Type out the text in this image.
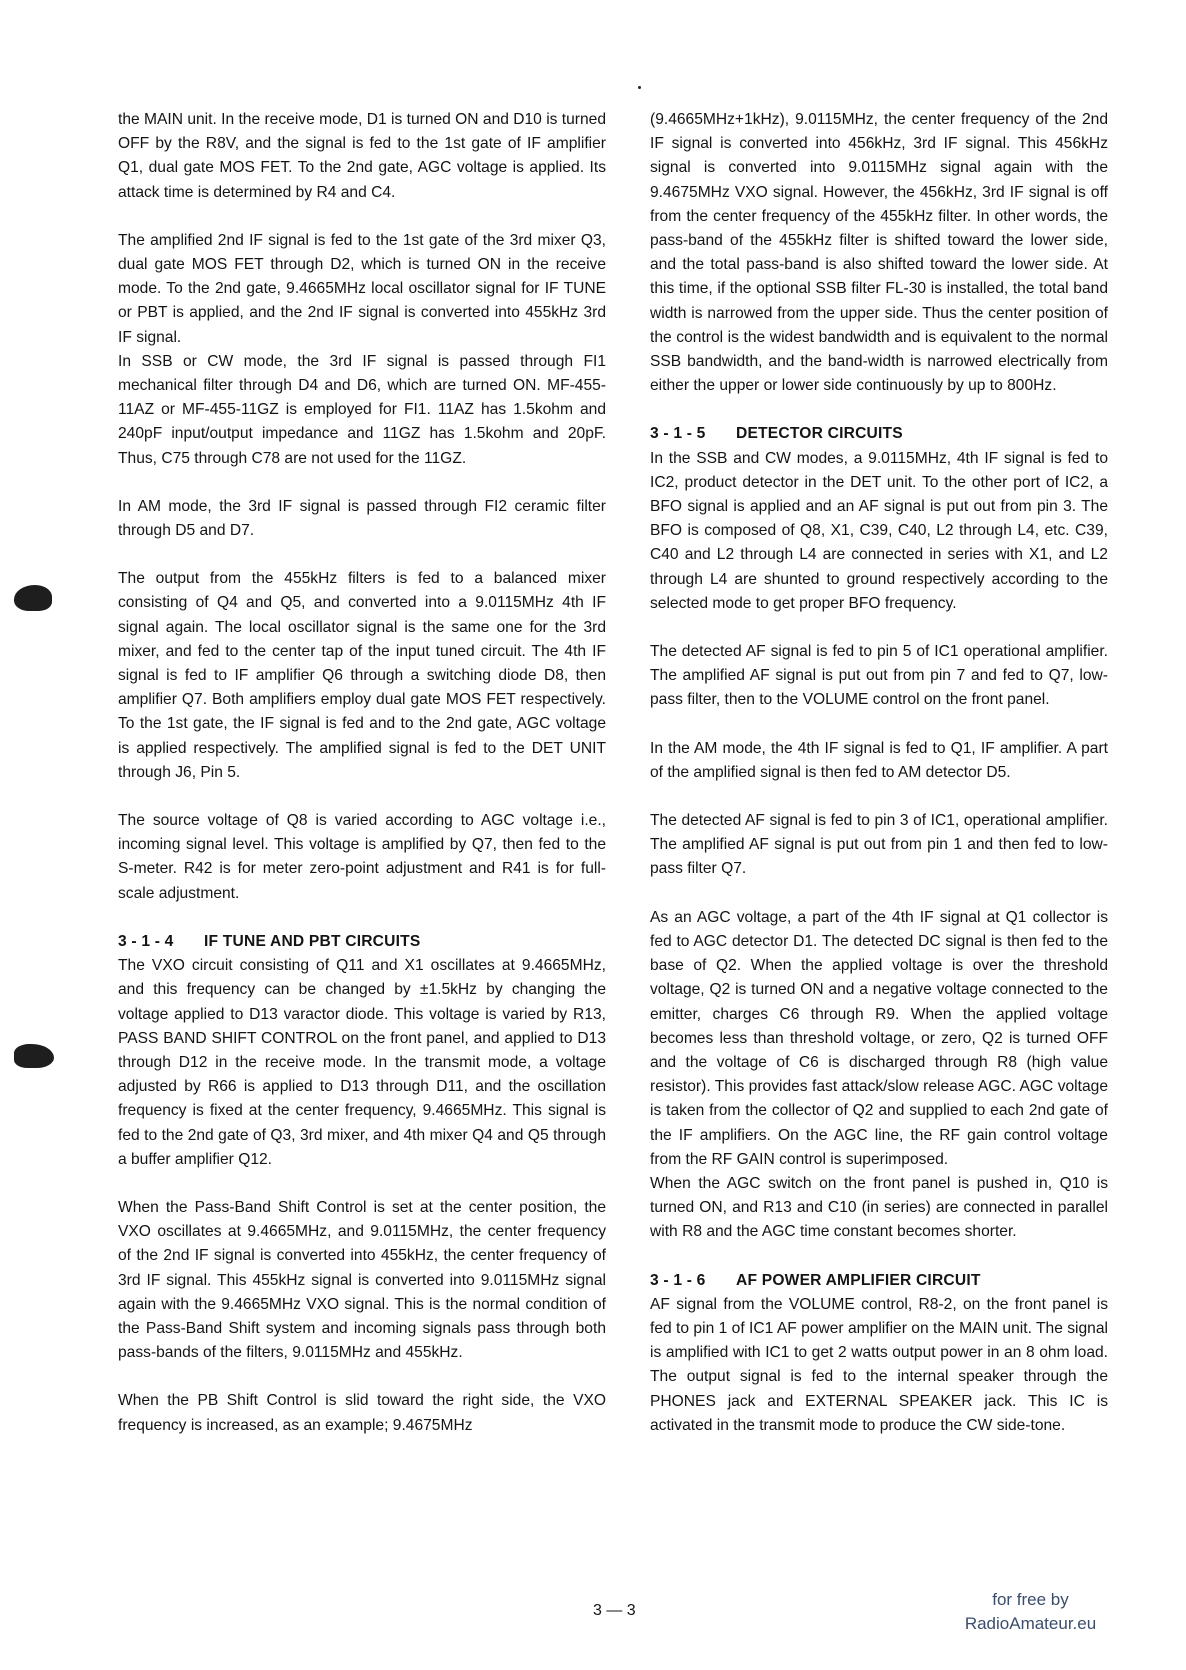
the MAIN unit. In the receive mode, D1 is turned ON and D10 is turned OFF by the R8V, and the signal is fed to the 1st gate of IF amplifier Q1, dual gate MOS FET. To the 2nd gate, AGC voltage is applied. Its attack time is determined by R4 and C4.

The amplified 2nd IF signal is fed to the 1st gate of the 3rd mixer Q3, dual gate MOS FET through D2, which is turned ON in the receive mode. To the 2nd gate, 9.4665MHz local oscillator signal for IF TUNE or PBT is applied, and the 2nd IF signal is converted into 455kHz 3rd IF signal.

In SSB or CW mode, the 3rd IF signal is passed through FI1 mechanical filter through D4 and D6, which are turned ON. MF-455-11AZ or MF-455-11GZ is employed for FI1. 11AZ has 1.5kohm and 240pF input/output impedance and 11GZ has 1.5kohm and 20pF. Thus, C75 through C78 are not used for the 11GZ.

In AM mode, the 3rd IF signal is passed through FI2 ceramic filter through D5 and D7.

The output from the 455kHz filters is fed to a balanced mixer consisting of Q4 and Q5, and converted into a 9.0115MHz 4th IF signal again. The local oscillator signal is the same one for the 3rd mixer, and fed to the center tap of the input tuned circuit. The 4th IF signal is fed to IF amplifier Q6 through a switching diode D8, then amplifier Q7. Both amplifiers employ dual gate MOS FET respectively. To the 1st gate, the IF signal is fed and to the 2nd gate, AGC voltage is applied respectively. The amplified signal is fed to the DET UNIT through J6, Pin 5.

The source voltage of Q8 is varied according to AGC voltage i.e., incoming signal level. This voltage is amplified by Q7, then fed to the S-meter. R42 is for meter zero-point adjustment and R41 is for full-scale adjustment.

3 - 1 - 4 IF TUNE AND PBT CIRCUITS

The VXO circuit consisting of Q11 and X1 oscillates at 9.4665MHz, and this frequency can be changed by ±1.5kHz by changing the voltage applied to D13 varactor diode. This voltage is varied by R13, PASS BAND SHIFT CONTROL on the front panel, and applied to D13 through D12 in the receive mode. In the transmit mode, a voltage adjusted by R66 is applied to D13 through D11, and the oscillation frequency is fixed at the center frequency, 9.4665MHz. This signal is fed to the 2nd gate of Q3, 3rd mixer, and 4th mixer Q4 and Q5 through a buffer amplifier Q12.

When the Pass-Band Shift Control is set at the center position, the VXO oscillates at 9.4665MHz, and 9.0115MHz, the center frequency of the 2nd IF signal is converted into 455kHz, the center frequency of 3rd IF signal. This 455kHz signal is converted into 9.0115MHz signal again with the 9.4665MHz VXO signal. This is the normal condition of the Pass-Band Shift system and incoming signals pass through both pass-bands of the filters, 9.0115MHz and 455kHz.

When the PB Shift Control is slid toward the right side, the VXO frequency is increased, as an example; 9.4675MHz

(9.4665MHz+1kHz), 9.0115MHz, the center frequency of the 2nd IF signal is converted into 456kHz, 3rd IF signal. This 456kHz signal is converted into 9.0115MHz signal again with the 9.4675MHz VXO signal. However, the 456kHz, 3rd IF signal is off from the center frequency of the 455kHz filter. In other words, the pass-band of the 455kHz filter is shifted toward the lower side, and the total pass-band is also shifted toward the lower side. At this time, if the optional SSB filter FL-30 is installed, the total band width is narrowed from the upper side. Thus the center position of the control is the widest bandwidth and is equivalent to the normal SSB bandwidth, and the band-width is narrowed electrically from either the upper or lower side continuously by up to 800Hz.

3 - 1 - 5 DETECTOR CIRCUITS

In the SSB and CW modes, a 9.0115MHz, 4th IF signal is fed to IC2, product detector in the DET unit. To the other port of IC2, a BFO signal is applied and an AF signal is put out from pin 3. The BFO is composed of Q8, X1, C39, C40, L2 through L4, etc. C39, C40 and L2 through L4 are connected in series with X1, and L2 through L4 are shunted to ground respectively according to the selected mode to get proper BFO frequency.

The detected AF signal is fed to pin 5 of IC1 operational amplifier. The amplified AF signal is put out from pin 7 and fed to Q7, low-pass filter, then to the VOLUME control on the front panel.

In the AM mode, the 4th IF signal is fed to Q1, IF amplifier. A part of the amplified signal is then fed to AM detector D5.

The detected AF signal is fed to pin 3 of IC1, operational amplifier. The amplified AF signal is put out from pin 1 and then fed to low-pass filter Q7.

As an AGC voltage, a part of the 4th IF signal at Q1 collector is fed to AGC detector D1. The detected DC signal is then fed to the base of Q2. When the applied voltage is over the threshold voltage, Q2 is turned ON and a negative voltage connected to the emitter, charges C6 through R9. When the applied voltage becomes less than threshold voltage, or zero, Q2 is turned OFF and the voltage of C6 is discharged through R8 (high value resistor). This provides fast attack/slow release AGC. AGC voltage is taken from the collector of Q2 and supplied to each 2nd gate of the IF amplifiers. On the AGC line, the RF gain control voltage from the RF GAIN control is superimposed.

When the AGC switch on the front panel is pushed in, Q10 is turned ON, and R13 and C10 (in series) are connected in parallel with R8 and the AGC time constant becomes shorter.

3 - 1 - 6 AF POWER AMPLIFIER CIRCUIT

AF signal from the VOLUME control, R8-2, on the front panel is fed to pin 1 of IC1 AF power amplifier on the MAIN unit. The signal is amplified with IC1 to get 2 watts output power in an 8 ohm load. The output signal is fed to the internal speaker through the PHONES jack and EXTERNAL SPEAKER jack. This IC is activated in the transmit mode to produce the CW side-tone.

3 — 3
for free by
RadioAmateur.eu
